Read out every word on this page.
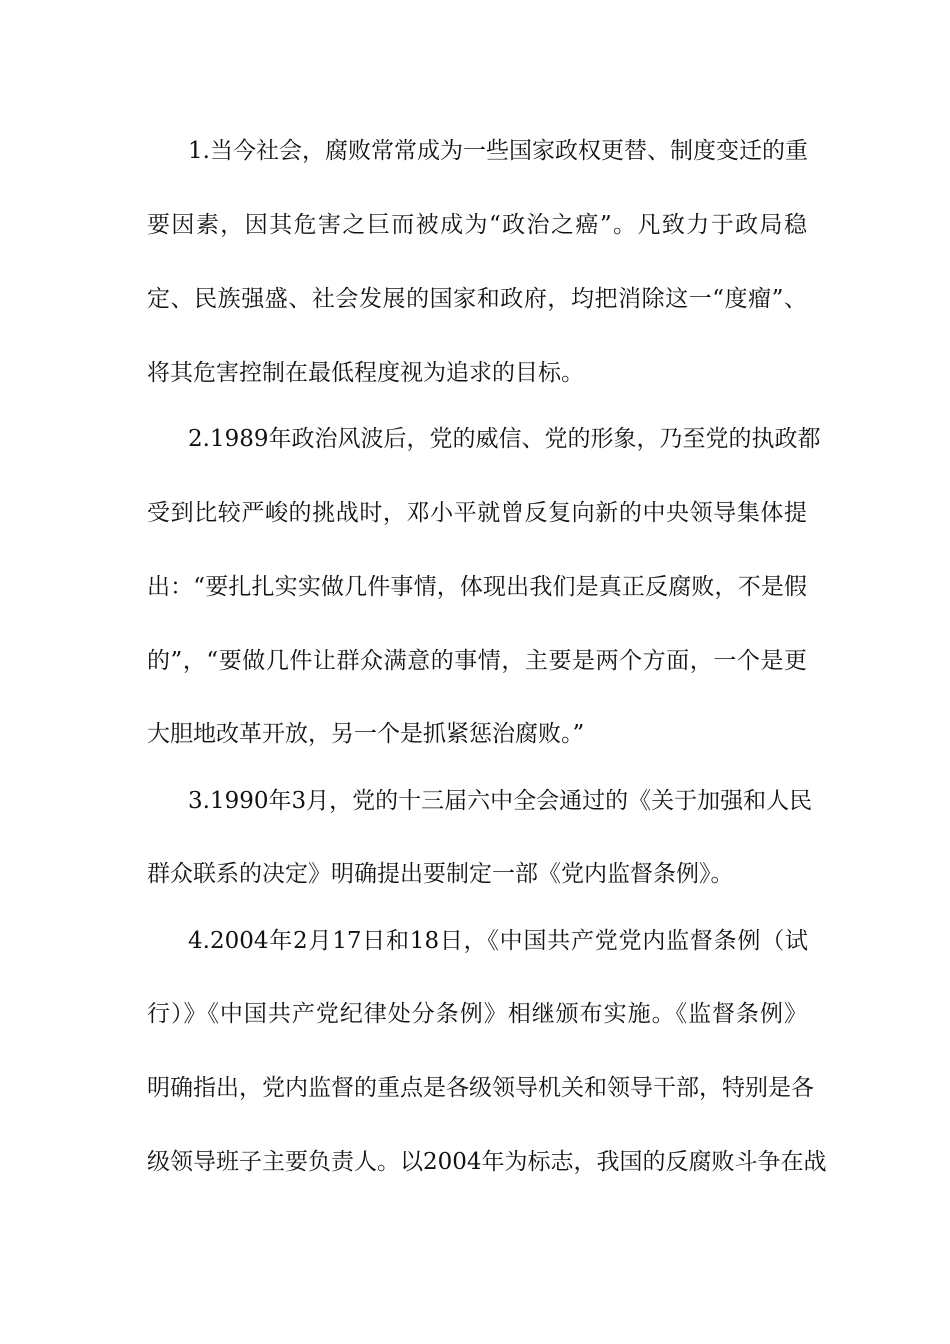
1.当今社会，腐败常常成为一些国家政权更替、制度变迁的重
要因素，因其危害之巨而被成为“政治之癌”。凡致力于政局稳
定、民族强盛、社会发展的国家和政府，均把消除这一“度瘤”、
将其危害控制在最低程度视为追求的目标。
2.1989年政治风波后，党的威信、党的形象，乃至党的执政都
受到比较严峻的挑战时，邓小平就曾反复向新的中央领导集体提
出：“要扎扎实实做几件事情，体现出我们是真正反腐败，不是假
的”，“要做几件让群众满意的事情，主要是两个方面，一个是更
大胆地改革开放，另一个是抓紧惩治腐败。”
3.1990年3月，党的十三届六中全会通过的《关于加强和人民
群众联系的决定》明确提出要制定一部《党内监督条例》。
4.2004年2月17日和18日，《中国共产党党内监督条例（试
行）》《中国共产党纪律处分条例》相继颁布实施。《监督条例》
明确指出，党内监督的重点是各级领导机关和领导干部，特别是各
级领导班子主要负责人。以2004年为标志，我国的反腐败斗争在战
